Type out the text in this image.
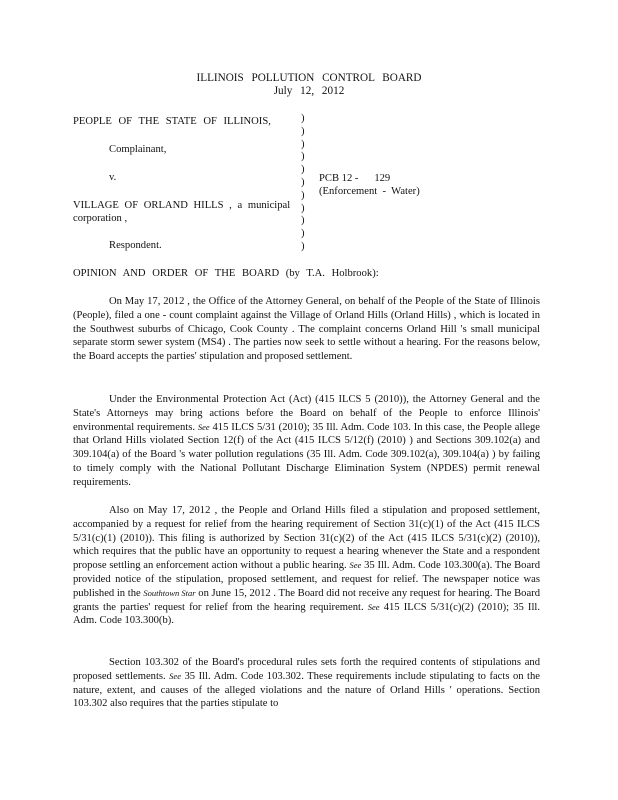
ILLINOIS POLLUTION CONTROL BOARD
July 12, 2012
PEOPLE OF THE STATE OF ILLINOIS,
Complainant,
v.
VILLAGE OF ORLAND HILLS , a municipal
corporation ,
Respondent.
)
)
)
)
)
)
)
)
)
)
)
PCB 12 -      129
(Enforcement  -  Water)
OPINION AND ORDER OF THE BOARD (by T.A. Holbrook):

On May 17, 2012 , the Office of the Attorney General, on behalf of the People of the State of Illinois (People), filed a one - count complaint against the Village of Orland Hills (Orland Hills) , which is located in the Southwest suburbs of Chicago, Cook County . The complaint concerns Orland Hill 's small municipal separate storm sewer system (MS4) . The parties now seek to settle without a hearing. For the reasons below, the Board accepts the parties' stipulation and proposed settlement.

Under the Environmental Protection Act (Act) (415 ILCS 5 (2010)), the Attorney General and the State's Attorneys may bring actions before the Board on behalf of the People to enforce Illinois' environmental requirements. See 415 ILCS 5/31 (2010); 35 Ill. Adm. Code 103. In this case, the People allege that Orland Hills violated Section 12(f) of the Act (415 ILCS 5/12(f) (2010) ) and Sections 309.102(a) and 309.104(a) of the Board 's water pollution regulations (35 Ill. Adm. Code 309.102(a), 309.104(a) ) by failing to timely comply with the National Pollutant Discharge Elimination System (NPDES) permit renewal requirements.

Also on May 17, 2012 , the People and Orland Hills filed a stipulation and proposed settlement, accompanied by a request for relief from the hearing requirement of Section 31(c)(1) of the Act (415 ILCS 5/31(c)(1) (2010)). This filing is authorized by Section 31(c)(2) of the Act (415 ILCS 5/31(c)(2) (2010)), which requires that the public have an opportunity to request a hearing whenever the State and a respondent propose settling an enforcement action without a public hearing. See 35 Ill. Adm. Code 103.300(a). The Board provided notice of the stipulation, proposed settlement, and request for relief. The newspaper notice was published in the Southtown Star on June 15, 2012 . The Board did not receive any request for hearing. The Board grants the parties' request for relief from the hearing requirement. See 415 ILCS 5/31(c)(2) (2010); 35 Ill. Adm. Code 103.300(b).

Section 103.302 of the Board's procedural rules sets forth the required contents of stipulations and proposed settlements. See 35 Ill. Adm. Code 103.302. These requirements include stipulating to facts on the nature, extent, and causes of the alleged violations and the nature of Orland Hills ' operations. Section 103.302 also requires that the parties stipulate to
